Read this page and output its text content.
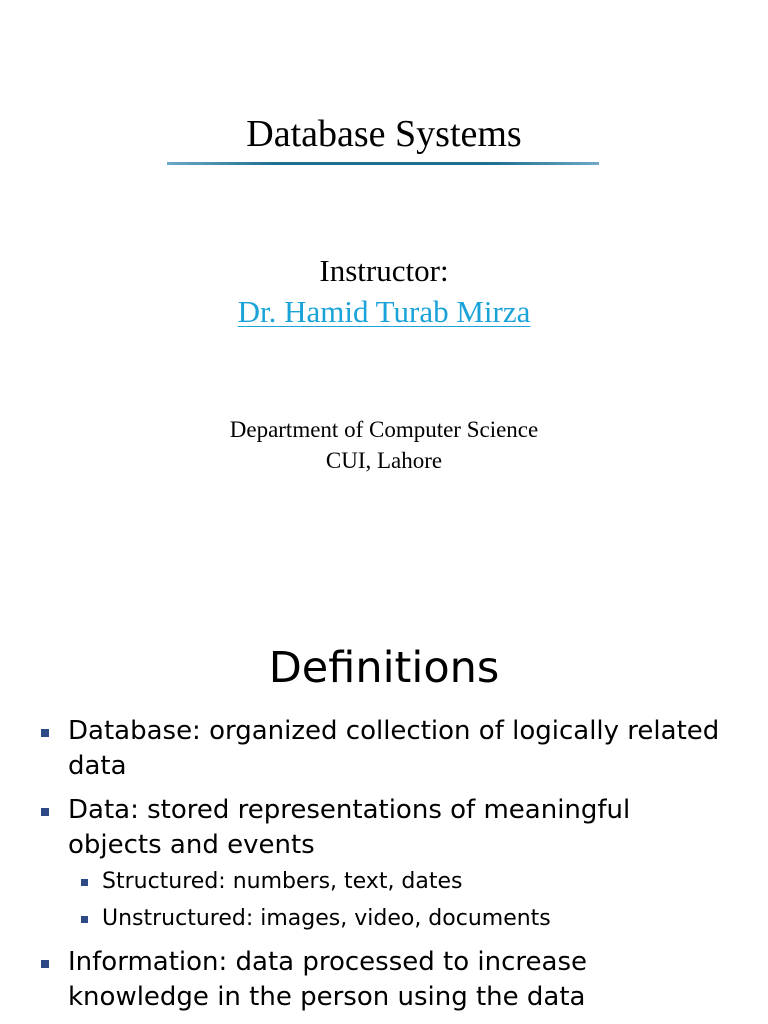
Database Systems
Instructor:
Dr. Hamid Turab Mirza
Department of Computer Science
CUI, Lahore
Definitions
Database: organized collection of logically related data
Data: stored representations of meaningful objects and events
Structured: numbers, text, dates
Unstructured: images, video, documents
Information: data processed to increase knowledge in the person using the data
